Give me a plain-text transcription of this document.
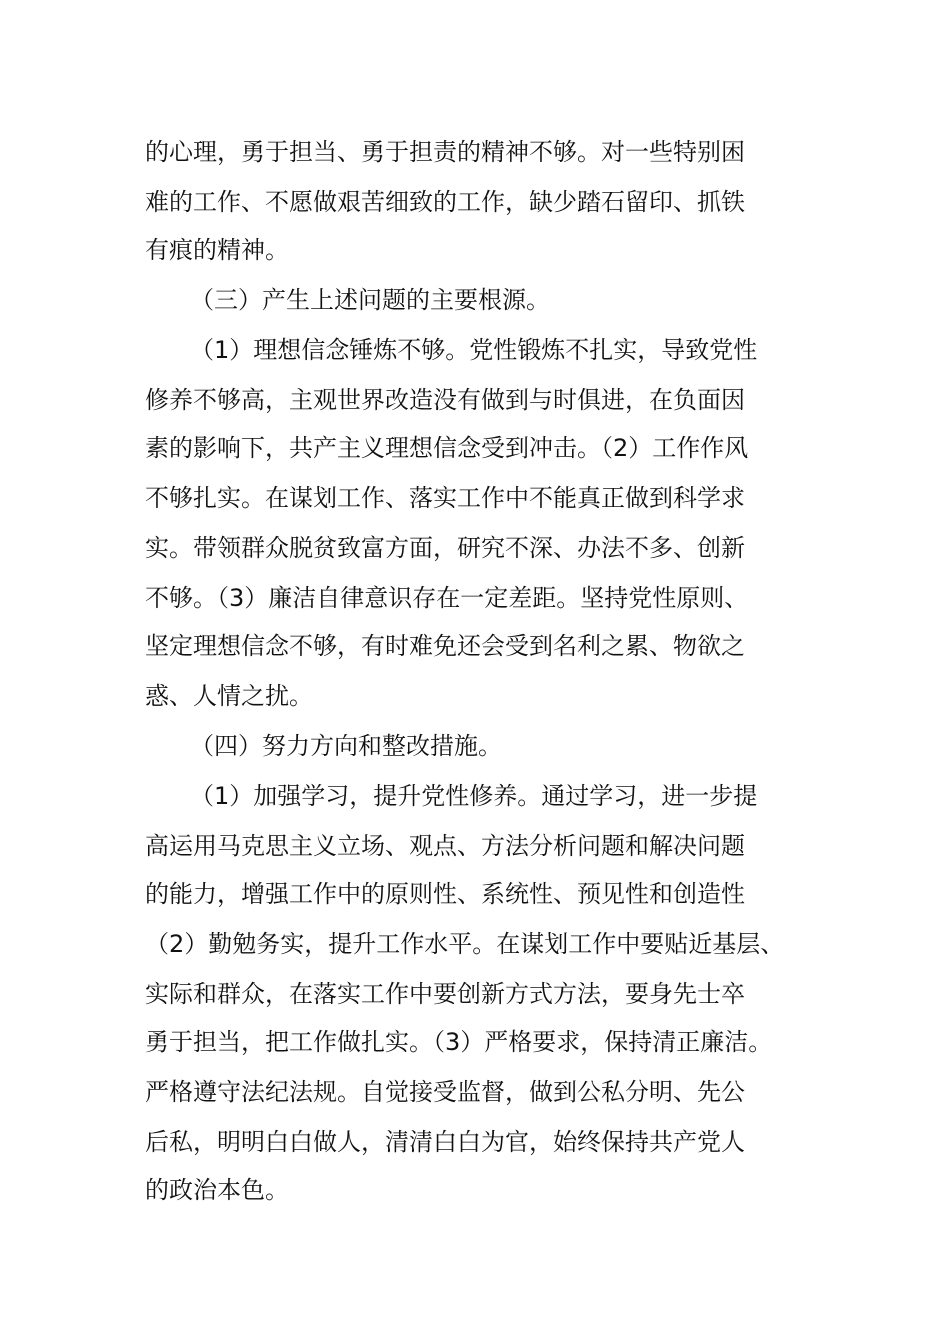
的心理，勇于担当、勇于担责的精神不够。对一些特别困
难的工作、不愿做艰苦细致的工作，缺少踏石留印、抓铁
有痕的精神。
（三）产生上述问题的主要根源。
（1）理想信念锤炼不够。党性锻炼不扎实，导致党性
修养不够高，主观世界改造没有做到与时俱进，在负面因
素的影响下，共产主义理想信念受到冲击。（2）工作作风
不够扎实。在谋划工作、落实工作中不能真正做到科学求
实。带领群众脱贫致富方面，研究不深、办法不多、创新
不够。（3）廉洁自律意识存在一定差距。坚持党性原则、
坚定理想信念不够，有时难免还会受到名利之累、物欲之
惑、人情之扰。
（四）努力方向和整改措施。
（1）加强学习，提升党性修养。通过学习，进一步提
高运用马克思主义立场、观点、方法分析问题和解决问题
的能力，增强工作中的原则性、系统性、预见性和创造性
（2）勤勉务实，提升工作水平。在谋划工作中要贴近基层、
实际和群众，在落实工作中要创新方式方法，要身先士卒
勇于担当，把工作做扎实。（3）严格要求，保持清正廉洁。
严格遵守法纪法规。自觉接受监督，做到公私分明、先公
后私，明明白白做人，清清白白为官，始终保持共产党人
的政治本色。
